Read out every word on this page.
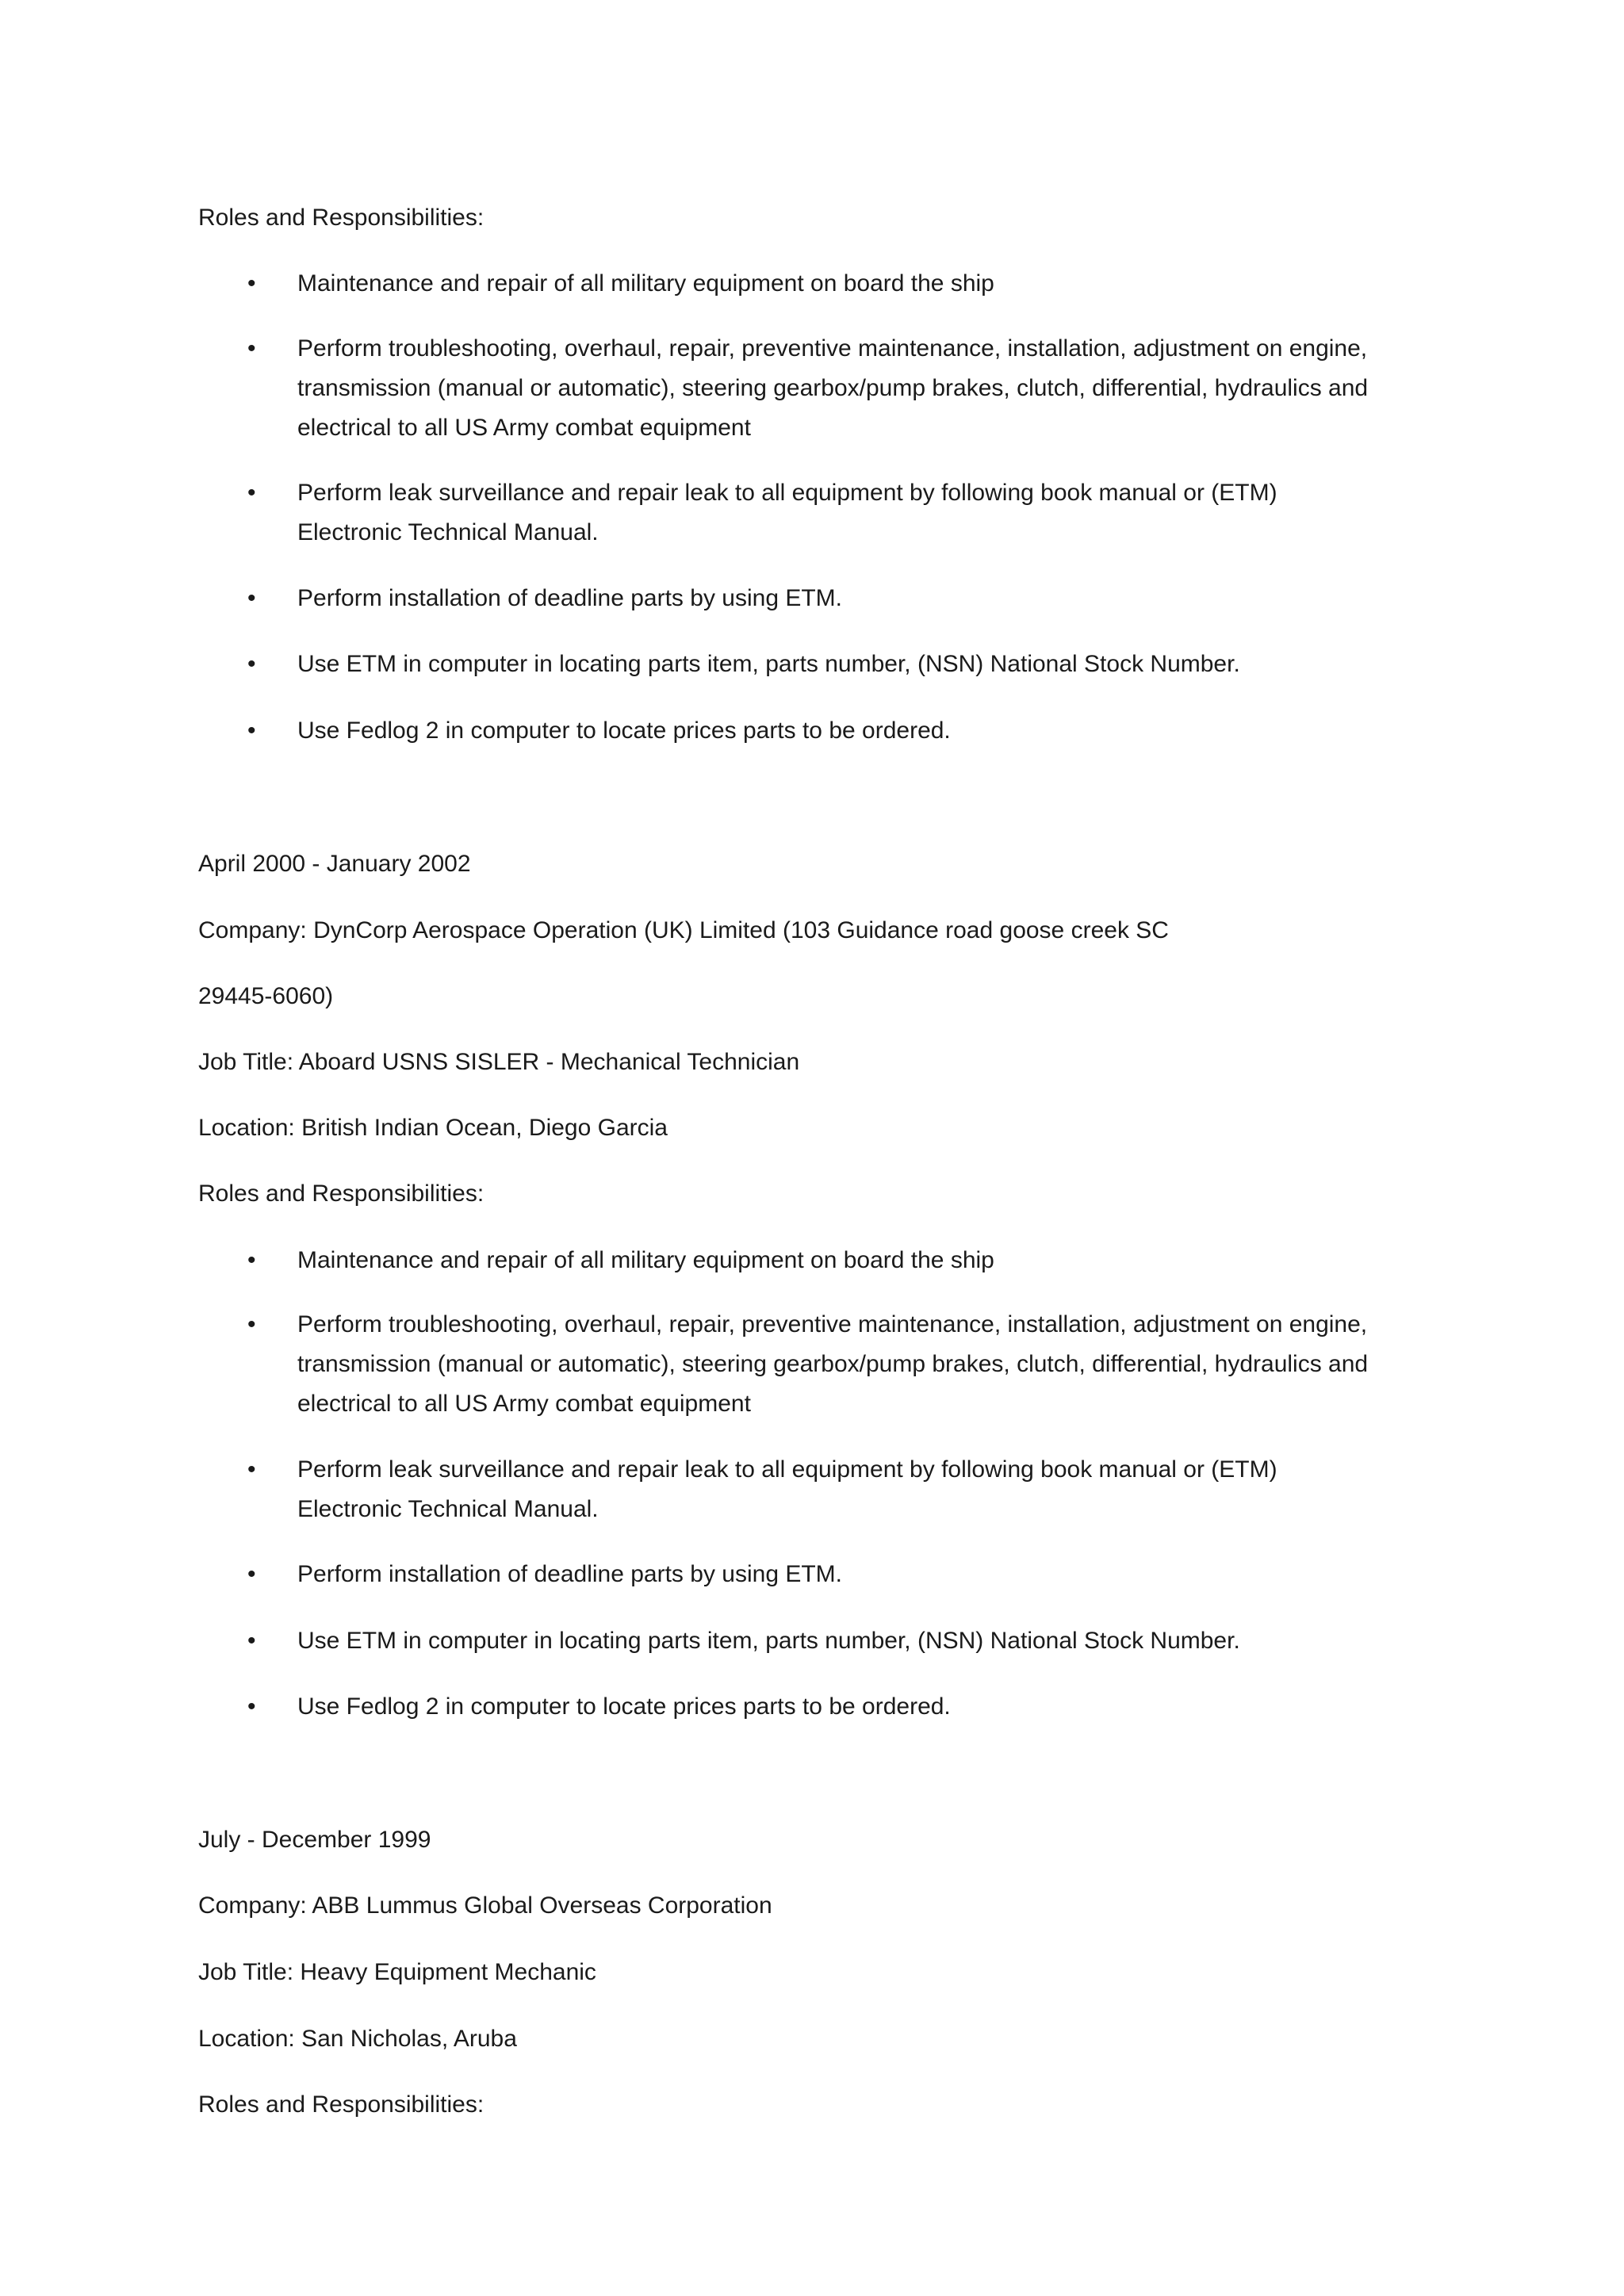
Roles and Responsibilities:
• Maintenance and repair of all military equipment on board the ship
• Perform troubleshooting, overhaul, repair, preventive maintenance, installation, adjustment on engine, transmission (manual or automatic), steering gearbox/pump brakes, clutch, differential, hydraulics and electrical to all US Army combat equipment
• Perform leak surveillance and repair leak to all equipment by following book manual or (ETM) Electronic Technical Manual.
• Perform installation of deadline parts by using ETM.
• Use ETM in computer in locating parts item, parts number, (NSN) National Stock Number.
• Use Fedlog 2 in computer to locate prices parts to be ordered.
April 2000 - January 2002
Company: DynCorp Aerospace Operation (UK) Limited (103 Guidance road goose creek SC
29445-6060)
Job Title: Aboard USNS SISLER - Mechanical Technician
Location: British Indian Ocean, Diego Garcia
Roles and Responsibilities:
• Maintenance and repair of all military equipment on board the ship
• Perform troubleshooting, overhaul, repair, preventive maintenance, installation, adjustment on engine, transmission (manual or automatic), steering gearbox/pump brakes, clutch, differential, hydraulics and electrical to all US Army combat equipment
• Perform leak surveillance and repair leak to all equipment by following book manual or (ETM) Electronic Technical Manual.
• Perform installation of deadline parts by using ETM.
• Use ETM in computer in locating parts item, parts number, (NSN) National Stock Number.
• Use Fedlog 2 in computer to locate prices parts to be ordered.
July - December 1999
Company: ABB Lummus Global Overseas Corporation
Job Title: Heavy Equipment Mechanic
Location: San Nicholas, Aruba
Roles and Responsibilities:
